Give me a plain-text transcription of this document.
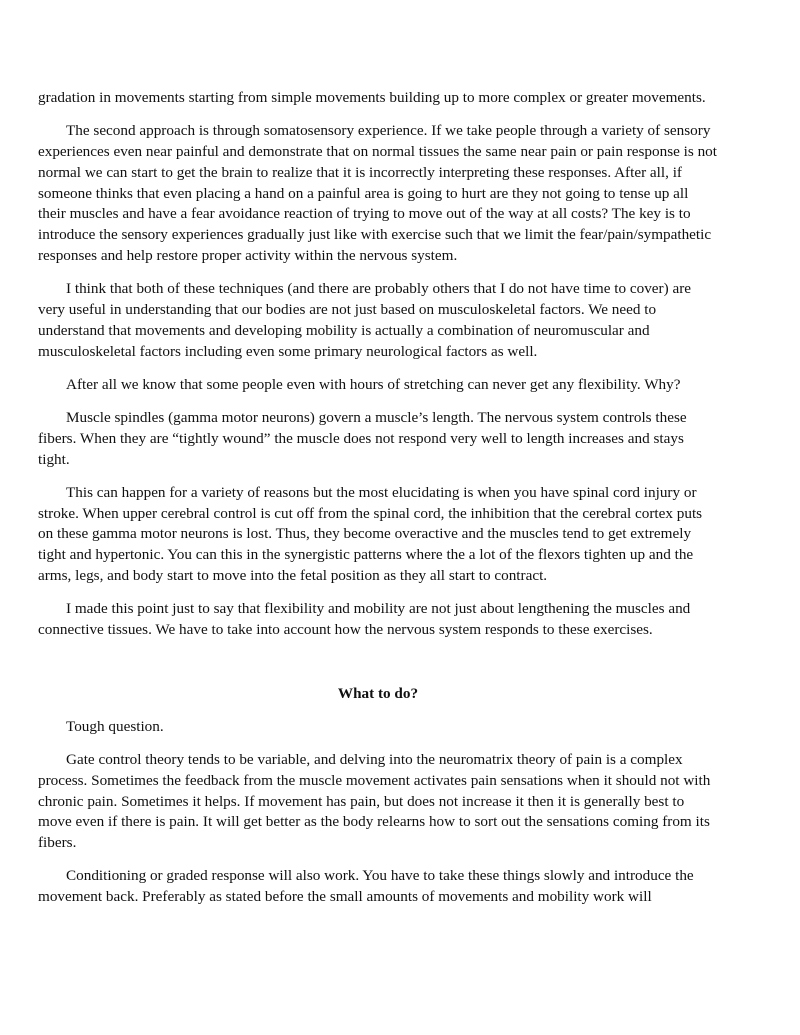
gradation in movements starting from simple movements building up to more complex or greater movements.

The second approach is through somatosensory experience. If we take people through a variety of sensory experiences even near painful and demonstrate that on normal tissues the same near pain or pain response is not normal we can start to get the brain to realize that it is incorrectly interpreting these responses. After all, if someone thinks that even placing a hand on a painful area is going to hurt are they not going to tense up all their muscles and have a fear avoidance reaction of trying to move out of the way at all costs? The key is to introduce the sensory experiences gradually just like with exercise such that we limit the fear/pain/sympathetic responses and help restore proper activity within the nervous system.

I think that both of these techniques (and there are probably others that I do not have time to cover) are very useful in understanding that our bodies are not just based on musculoskeletal factors. We need to understand that movements and developing mobility is actually a combination of neuromuscular and musculoskeletal factors including even some primary neurological factors as well.

After all we know that some people even with hours of stretching can never get any flexibility. Why?

Muscle spindles (gamma motor neurons) govern a muscle’s length. The nervous system controls these fibers. When they are “tightly wound” the muscle does not respond very well to length increases and stays tight.

This can happen for a variety of reasons but the most elucidating is when you have spinal cord injury or stroke. When upper cerebral control is cut off from the spinal cord, the inhibition that the cerebral cortex puts on these gamma motor neurons is lost. Thus, they become overactive and the muscles tend to get extremely tight and hypertonic. You can this in the synergistic patterns where the a lot of the flexors tighten up and the arms, legs, and body start to move into the fetal position as they all start to contract.

I made this point just to say that flexibility and mobility are not just about lengthening the muscles and connective tissues. We have to take into account how the nervous system responds to these exercises.

What to do?

Tough question.

Gate control theory tends to be variable, and delving into the neuromatrix theory of pain is a complex process. Sometimes the feedback from the muscle movement activates pain sensations when it should not with chronic pain. Sometimes it helps. If movement has pain, but does not increase it then it is generally best to move even if there is pain. It will get better as the body relearns how to sort out the sensations coming from its fibers.

Conditioning or graded response will also work. You have to take these things slowly and introduce the movement back. Preferably as stated before the small amounts of movements and mobility work will
